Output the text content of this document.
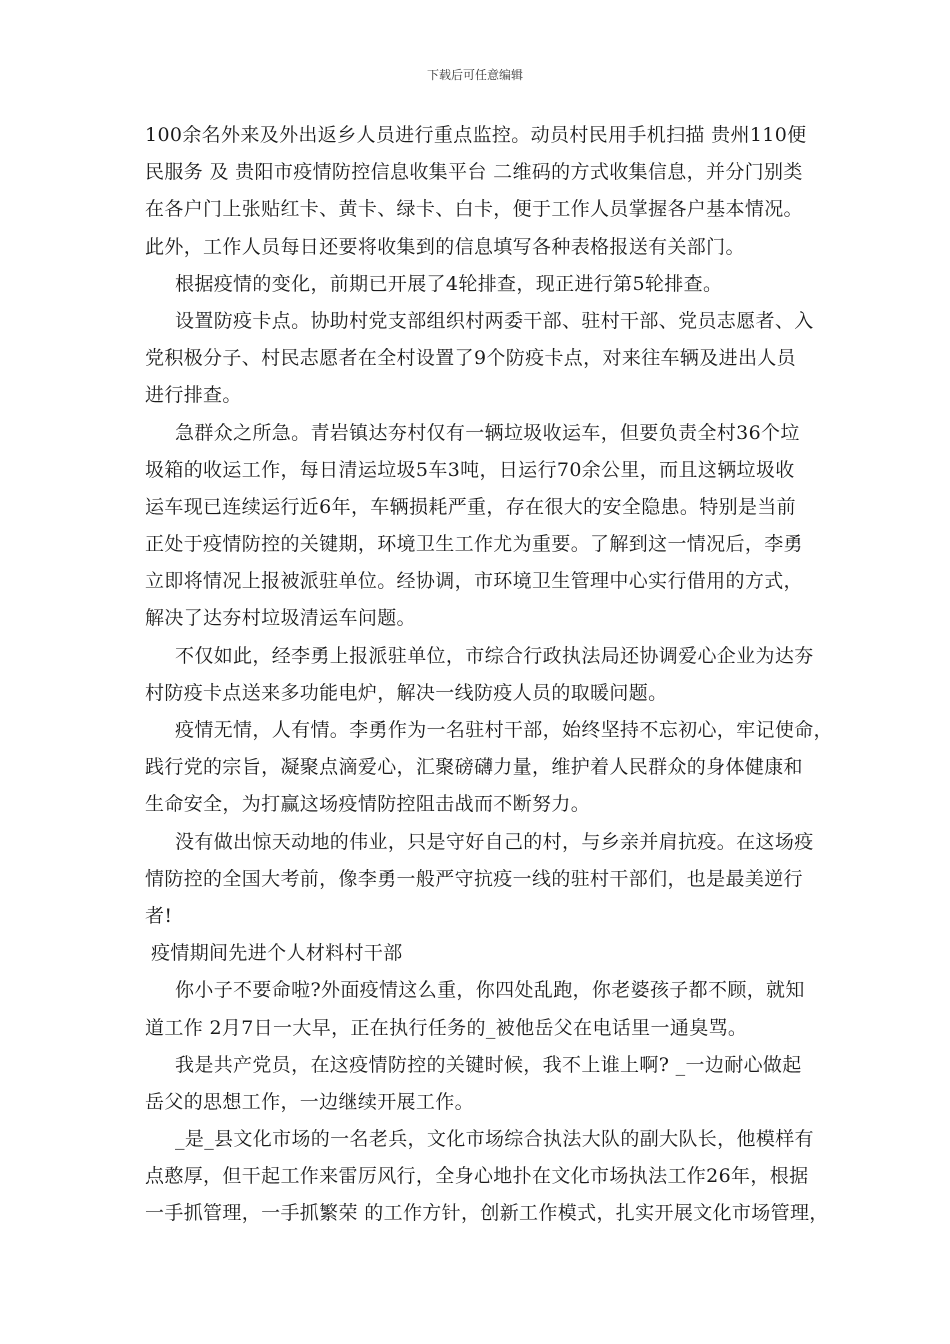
下载后可任意编辑
100余名外来及外出返乡人员进行重点监控。动员村民用手机扫描 贵州110便
民服务 及 贵阳市疫情防控信息收集平台 二维码的方式收集信息，并分门别类
在各户门上张贴红卡、黄卡、绿卡、白卡，便于工作人员掌握各户基本情况。
此外，工作人员每日还要将收集到的信息填写各种表格报送有关部门。
根据疫情的变化，前期已开展了4轮排查，现正进行第5轮排查。
设置防疫卡点。协助村党支部组织村两委干部、驻村干部、党员志愿者、入
党积极分子、村民志愿者在全村设置了9个防疫卡点，对来往车辆及进出人员
进行排查。
急群众之所急。青岩镇达夯村仅有一辆垃圾收运车，但要负责全村36个垃
圾箱的收运工作，每日清运垃圾5车3吨，日运行70余公里，而且这辆垃圾收
运车现已连续运行近6年，车辆损耗严重，存在很大的安全隐患。特别是当前
正处于疫情防控的关键期，环境卫生工作尤为重要。了解到这一情况后，李勇
立即将情况上报被派驻单位。经协调，市环境卫生管理中心实行借用的方式，
解决了达夯村垃圾清运车问题。
不仅如此，经李勇上报派驻单位，市综合行政执法局还协调爱心企业为达夯
村防疫卡点送来多功能电炉，解决一线防疫人员的取暖问题。
疫情无情，人有情。李勇作为一名驻村干部，始终坚持不忘初心，牢记使命，
践行党的宗旨，凝聚点滴爱心，汇聚磅礴力量，维护着人民群众的身体健康和
生命安全，为打赢这场疫情防控阻击战而不断努力。
没有做出惊天动地的伟业，只是守好自己的村，与乡亲并肩抗疫。在这场疫
情防控的全国大考前，像李勇一般严守抗疫一线的驻村干部们，也是最美逆行
者!
疫情期间先进个人材料村干部
你小子不要命啦?外面疫情这么重，你四处乱跑，你老婆孩子都不顾，就知
道工作 2月7日一大早，正在执行任务的_被他岳父在电话里一通臭骂。
我是共产党员，在这疫情防控的关键时候，我不上谁上啊? _一边耐心做起
岳父的思想工作，一边继续开展工作。
_是_县文化市场的一名老兵，文化市场综合执法大队的副大队长，他模样有
点憨厚，但干起工作来雷厉风行，全身心地扑在文化市场执法工作26年，根据
一手抓管理，一手抓繁荣 的工作方针，创新工作模式，扎实开展文化市场管理，
